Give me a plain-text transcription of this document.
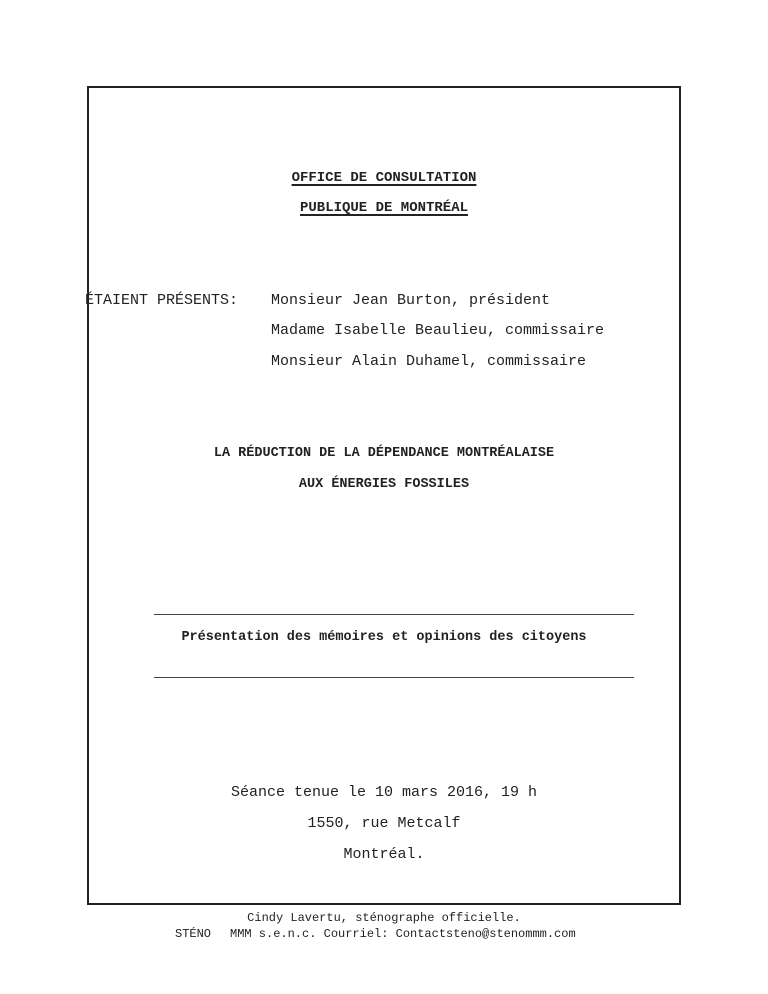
OFFICE DE CONSULTATION
PUBLIQUE DE MONTRÉAL
ÉTAIENT PRÉSENTS: Monsieur Jean Burton, président
Madame Isabelle Beaulieu, commissaire
Monsieur Alain Duhamel, commissaire
LA RÉDUCTION DE LA DÉPENDANCE MONTRÉALAISE
AUX ÉNERGIES FOSSILES
Présentation des mémoires et opinions des citoyens
Séance tenue le 10 mars 2016, 19 h
1550, rue Metcalf
Montréal.
Cindy Lavertu, sténographe officielle.
STÉNO MMM s.e.n.c. Courriel: Contactsteno@stenommm.com
